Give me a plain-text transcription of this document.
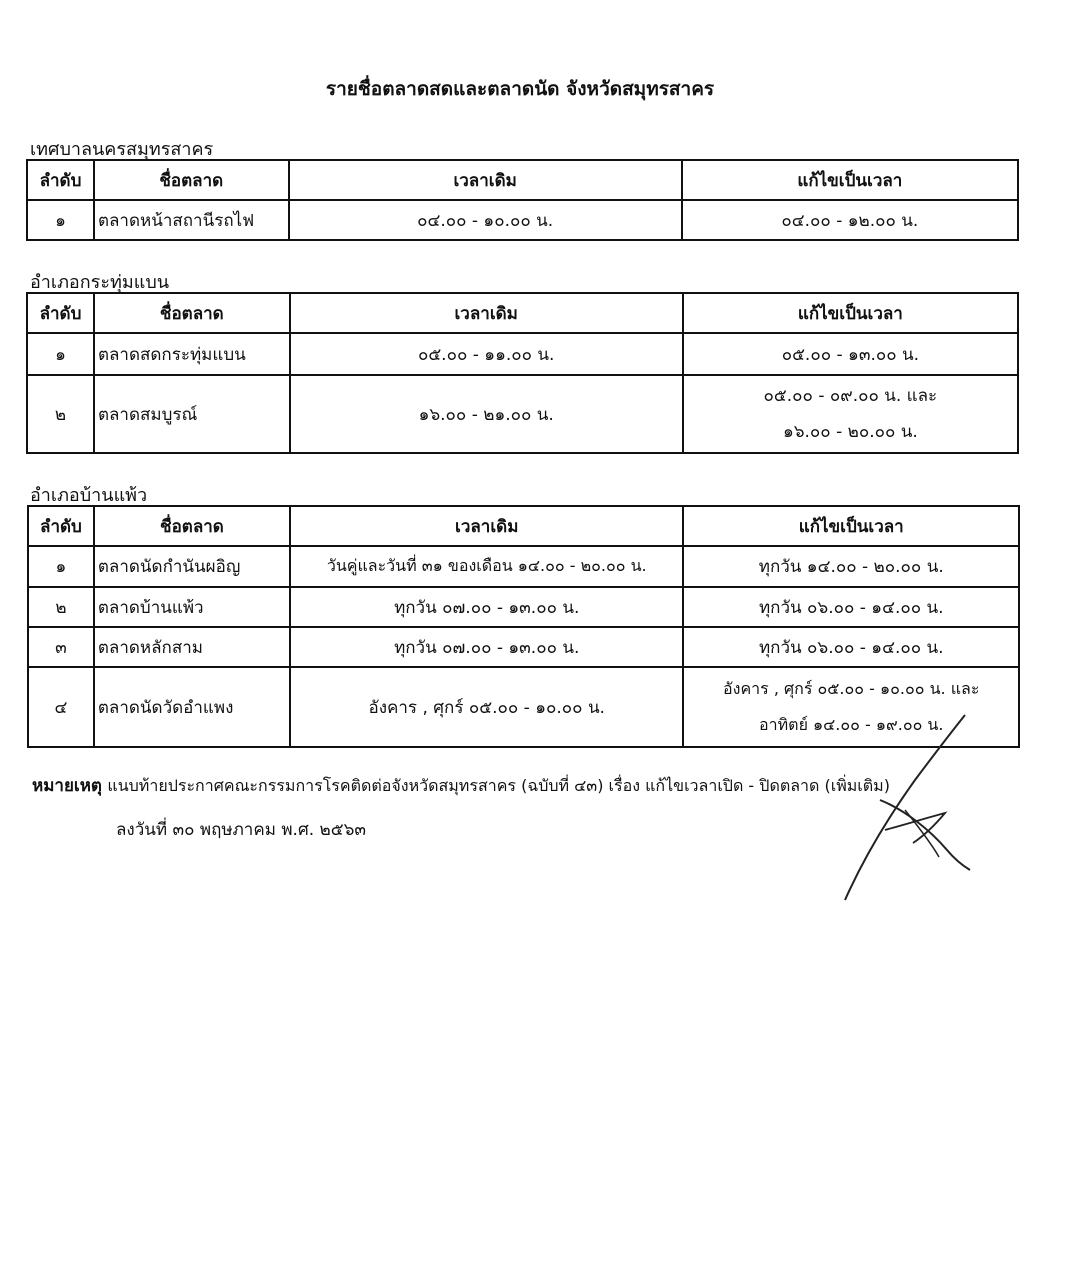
รายชื่อตลาดสดและตลาดนัด จังหวัดสมุทรสาคร
เทศบาลนครสมุทรสาคร
ลำดับ	ชื่อตลาด	เวลาเดิม	แก้ไขเป็นเวลา
๑	ตลาดหน้าสถานีรถไฟ	๐๔.๐๐ - ๑๐.๐๐ น.	๐๔.๐๐ - ๑๒.๐๐ น.
อำเภอกระทุ่มแบน
ลำดับ	ชื่อตลาด	เวลาเดิม	แก้ไขเป็นเวลา
๑	ตลาดสดกระทุ่มแบน	๐๕.๐๐ - ๑๑.๐๐ น.	๐๕.๐๐ - ๑๓.๐๐ น.
๒	ตลาดสมบูรณ์	๑๖.๐๐ - ๒๑.๐๐ น.	๐๕.๐๐ - ๐๙.๐๐ น. และ
๑๖.๐๐ - ๒๐.๐๐ น.
อำเภอบ้านแพ้ว
ลำดับ	ชื่อตลาด	เวลาเดิม	แก้ไขเป็นเวลา
๑	ตลาดนัดกำนันผอิญ	วันคู่และวันที่ ๓๑ ของเดือน ๑๔.๐๐ - ๒๐.๐๐ น.	ทุกวัน ๑๔.๐๐ - ๒๐.๐๐ น.
๒	ตลาดบ้านแพ้ว	ทุกวัน ๐๗.๐๐ - ๑๓.๐๐ น.	ทุกวัน ๐๖.๐๐ - ๑๔.๐๐ น.
๓	ตลาดหลักสาม	ทุกวัน ๐๗.๐๐ - ๑๓.๐๐ น.	ทุกวัน ๐๖.๐๐ - ๑๔.๐๐ น.
๔	ตลาดนัดวัดอำแพง	อังคาร , ศุกร์ ๐๕.๐๐ - ๑๐.๐๐ น.	อังคาร , ศุกร์ ๐๕.๐๐ - ๑๐.๐๐ น. และ
อาทิตย์ ๑๔.๐๐ - ๑๙.๐๐ น.
หมายเหตุ แนบท้ายประกาศคณะกรรมการโรคติดต่อจังหวัดสมุทรสาคร (ฉบับที่ ๔๓) เรื่อง แก้ไขเวลาเปิด - ปิดตลาด (เพิ่มเติม)
ลงวันที่ ๓๐ พฤษภาคม พ.ศ. ๒๕๖๓
